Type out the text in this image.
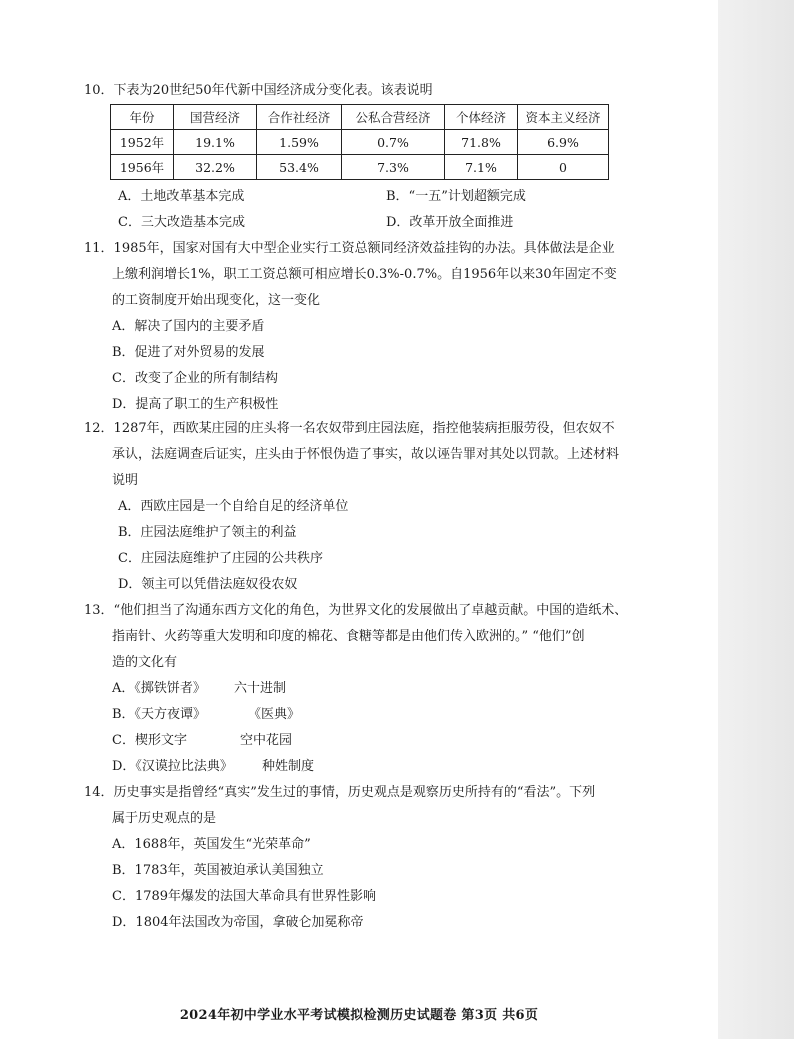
10．下表为20世纪50年代新中国经济成分变化表。该表说明
年份	国营经济	合作社经济	公私合营经济	个体经济	资本主义经济
1952年	19.1%	1.59%	0.7%	71.8%	6.9%
1956年	32.2%	53.4%	7.3%	7.1%	0
A．土地改革基本完成	B．“一五”计划超额完成
C．三大改造基本完成	D．改革开放全面推进
11．1985年，国家对国有大中型企业实行工资总额同经济效益挂钩的办法。具体做法是企业
上缴利润增长1%，职工工资总额可相应增长0.3%-0.7%。自1956年以来30年固定不变
的工资制度开始出现变化，这一变化
A．解决了国内的主要矛盾
B．促进了对外贸易的发展
C．改变了企业的所有制结构
D．提高了职工的生产积极性
12．1287年，西欧某庄园的庄头将一名农奴带到庄园法庭，指控他装病拒服劳役，但农奴不
承认，法庭调查后证实，庄头由于怀恨伪造了事实，故以诬告罪对其处以罚款。上述材料
说明
A．西欧庄园是一个自给自足的经济单位
B．庄园法庭维护了领主的利益
C．庄园法庭维护了庄园的公共秩序
D．领主可以凭借法庭奴役农奴
13．“他们担当了沟通东西方文化的角色，为世界文化的发展做出了卓越贡献。中国的造纸术、
指南针、火药等重大发明和印度的棉花、食糖等都是由他们传入欧洲的。” “他们”创
造的文化有
A．《掷铁饼者》 六十进制
B．《天方夜谭》	《医典》
C．楔形文字	空中花园
D．《汉谟拉比法典》 种姓制度
14．历史事实是指曾经“真实”发生过的事情，历史观点是观察历史所持有的“看法”。下列
属于历史观点的是
A．1688年，英国发生“光荣革命”
B．1783年，英国被迫承认美国独立
C．1789年爆发的法国大革命具有世界性影响
D．1804年法国改为帝国，拿破仑加冕称帝
2024年初中学业水平考试模拟检测历史试题卷 第3页 共6页
